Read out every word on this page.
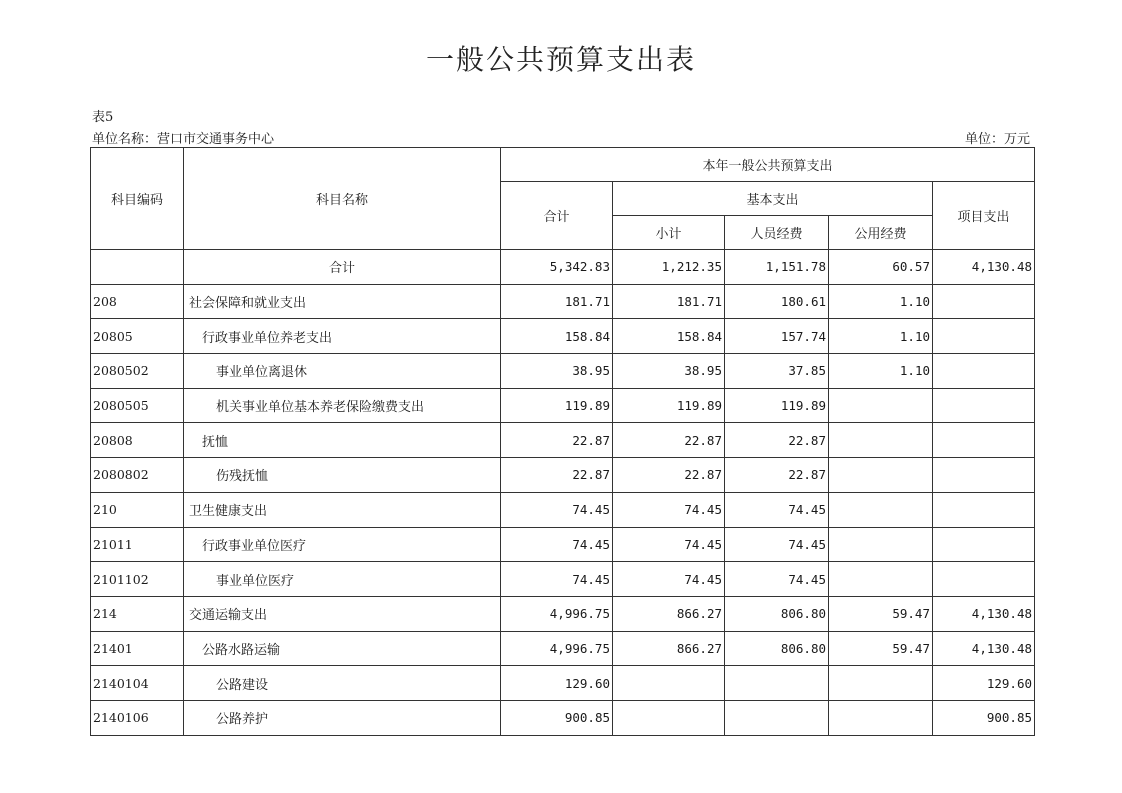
一般公共预算支出表
表5
单位名称：营口市交通事务中心	单位：万元
科目编码	科目名称	本年一般公共预算支出				
		合计	基本支出			项目支出
			小计	人员经费	公用经费	
	合计	5,342.83	1,212.35	1,151.78	60.57	4,130.48
208	社会保障和就业支出	181.71	181.71	180.61	1.10	
20805	行政事业单位养老支出	158.84	158.84	157.74	1.10	
2080502	事业单位离退休	38.95	38.95	37.85	1.10	
2080505	机关事业单位基本养老保险缴费支出	119.89	119.89	119.89		
20808	抚恤	22.87	22.87	22.87		
2080802	伤残抚恤	22.87	22.87	22.87		
210	卫生健康支出	74.45	74.45	74.45		
21011	行政事业单位医疗	74.45	74.45	74.45		
2101102	事业单位医疗	74.45	74.45	74.45		
214	交通运输支出	4,996.75	866.27	806.80	59.47	4,130.48
21401	公路水路运输	4,996.75	866.27	806.80	59.47	4,130.48
2140104	公路建设	129.60				129.60
2140106	公路养护	900.85				900.85
